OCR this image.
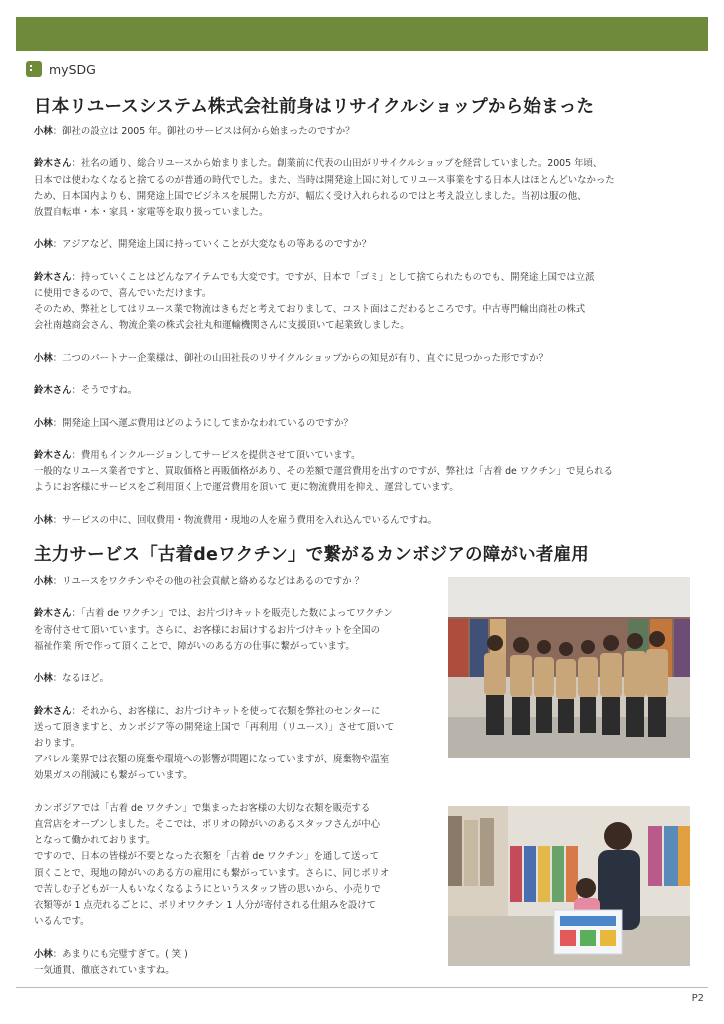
mySDG
日本リユースシステム株式会社前身はリサイクルショップから始まった
小林：御社の設立は 2005 年。御社のサービスは何から始まったのですか？
鈴木さん：社名の通り、総合リユースから始まりました。創業前に代表の山田がリサイクルショップを経営していました。2005 年頃、
日本では使わなくなると捨てるのが普通の時代でした。また、当時は開発途上国に対してリユース事業をする日本人はほとんどいなかった
ため、日本国内よりも、開発途上国でビジネスを展開した方が、幅広く受け入れられるのではと考え設立しました。当初は服の他、
放置自転車・本・家具・家電等を取り扱っていました。
小林：アジアなど、開発途上国に持っていくことが大変なもの等あるのですか？
鈴木さん：持っていくことはどんなアイテムでも大変です。ですが、日本で「ゴミ」として捨てられたものでも、開発途上国では立派
に使用できるので、喜んでいただけます。
そのため、弊社としてはリユース業で物流はきもだと考えておりまして、コスト面はこだわるところです。中古専門輸出商社の株式
会社南越商会さん、物流企業の株式会社丸和運輸機関さんに支援頂いて起業致しました。
小林：二つのパートナー企業様は、御社の山田社長のリサイクルショップからの知見が有り、直ぐに見つかった形ですか？
鈴木さん：そうですね。
小林：開発途上国へ運ぶ費用はどのようにしてまかなわれているのですか？
鈴木さん：費用もインクルージョンしてサービスを提供させて頂いています。
一般的なリユース業者ですと、買取価格と再販価格があり、その差額で運営費用を出すのですが、弊社は「古着 de ワクチン」で見られる
ようにお客様にサービスをご利用頂く上で運営費用を頂いて 更に物流費用を抑え、運営しています。
小林：サービスの中に、回収費用・物流費用・現地の人を雇う費用を入れ込んでいるんですね。
主力サービス「古着deワクチン」で繋がるカンボジアの障がい者雇用
小林：リユースをワクチンやその他の社会貢献と絡めるなどはあるのですか ？
鈴木さん：「古着 de ワクチン」では、お片づけキットを販売した数によってワクチン
を寄付させて頂いています。さらに、お客様にお届けするお片づけキットを全国の
福祉作業 所で作って頂くことで、障がいのある方の仕事に繋がっています。
小林：なるほど。
鈴木さん：それから、お客様に、お片づけキットを使って衣類を弊社のセンターに
送って頂きますと、カンボジア等の開発途上国で「再利用（リユース）」させて頂いて
おります。
アパレル業界では衣類の廃棄や環境への影響が問題になっていますが、廃棄物や温室
効果ガスの削減にも繋がっています。
カンボジアでは「古着 de ワクチン」で集まったお客様の大切な衣類を販売する
直営店をオープンしました。そこでは、ポリオの障がいのあるスタッフさんが中心
となって働かれております。
ですので、日本の皆様が不要となった衣類を「古着 de ワクチン」を通して送って
頂くことで、現地の障がいのある方の雇用にも繋がっています。さらに、同じポリオ
で苦しむ子どもが一人もいなくなるようにというスタッフ皆の思いから、小売りで
衣類等が 1 点売れるごとに、ポリオワクチン 1 人分が寄付される仕組みを設けて
いるんです。
小林：あまりにも完璧すぎて。( 笑 )
一気通貫、徹底されていますね。
P2
